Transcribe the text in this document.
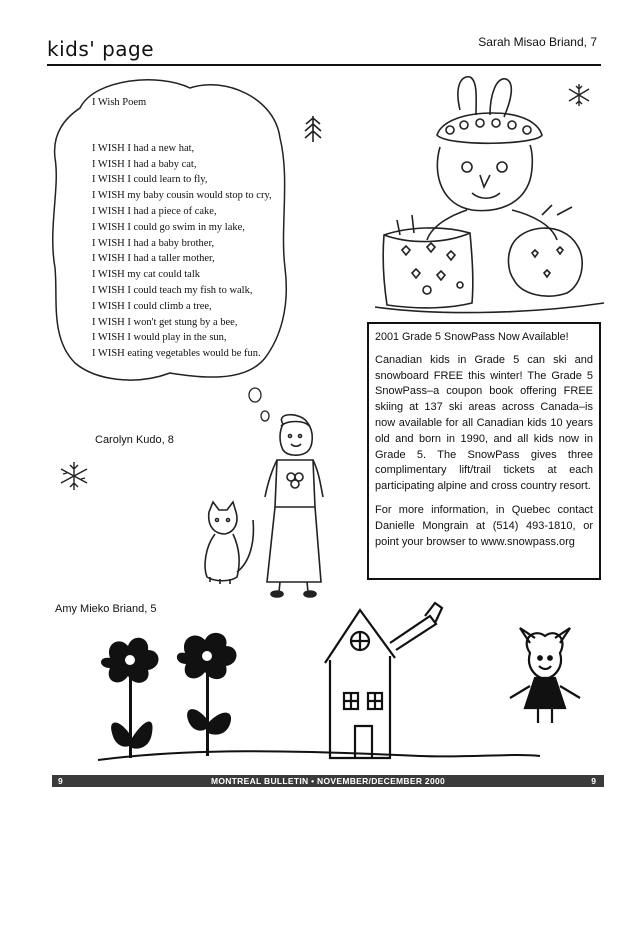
kids' page	Sarah Misao Briand, 7
I Wish Poem
I WISH I had a new hat,
I WISH I had a baby cat,
I WISH I could learn to fly,
I WISH my baby cousin would stop to cry,
I WISH I had a piece of cake,
I WISH I could go swim in my lake,
I WISH I had a baby brother,
I WISH I had a taller mother,
I WISH my cat could talk
I WISH I could teach my fish to walk,
I WISH I could climb a tree,
I WISH I won't get stung by a bee,
I WISH I would play in the sun,
I WISH eating vegetables would be fun.
2001 Grade 5 SnowPass Now Available!

Canadian kids in Grade 5 can ski and snowboard FREE this winter! The Grade 5 SnowPass–a coupon book offering FREE skiing at 137 ski areas across Canada–is now available for all Canadian kids 10 years old and born in 1990, and all kids now in Grade 5. The SnowPass gives three complimentary lift/trail tickets at each participating alpine and cross country resort.

For more information, in Quebec contact Danielle Mongrain at (514) 493-1810, or point your browser to www.snowpass.org

Carolyn Kudo, 8
Amy Mieko Briand, 5
9	MONTREAL BULLETIN • NOVEMBER/DECEMBER 2000	9
